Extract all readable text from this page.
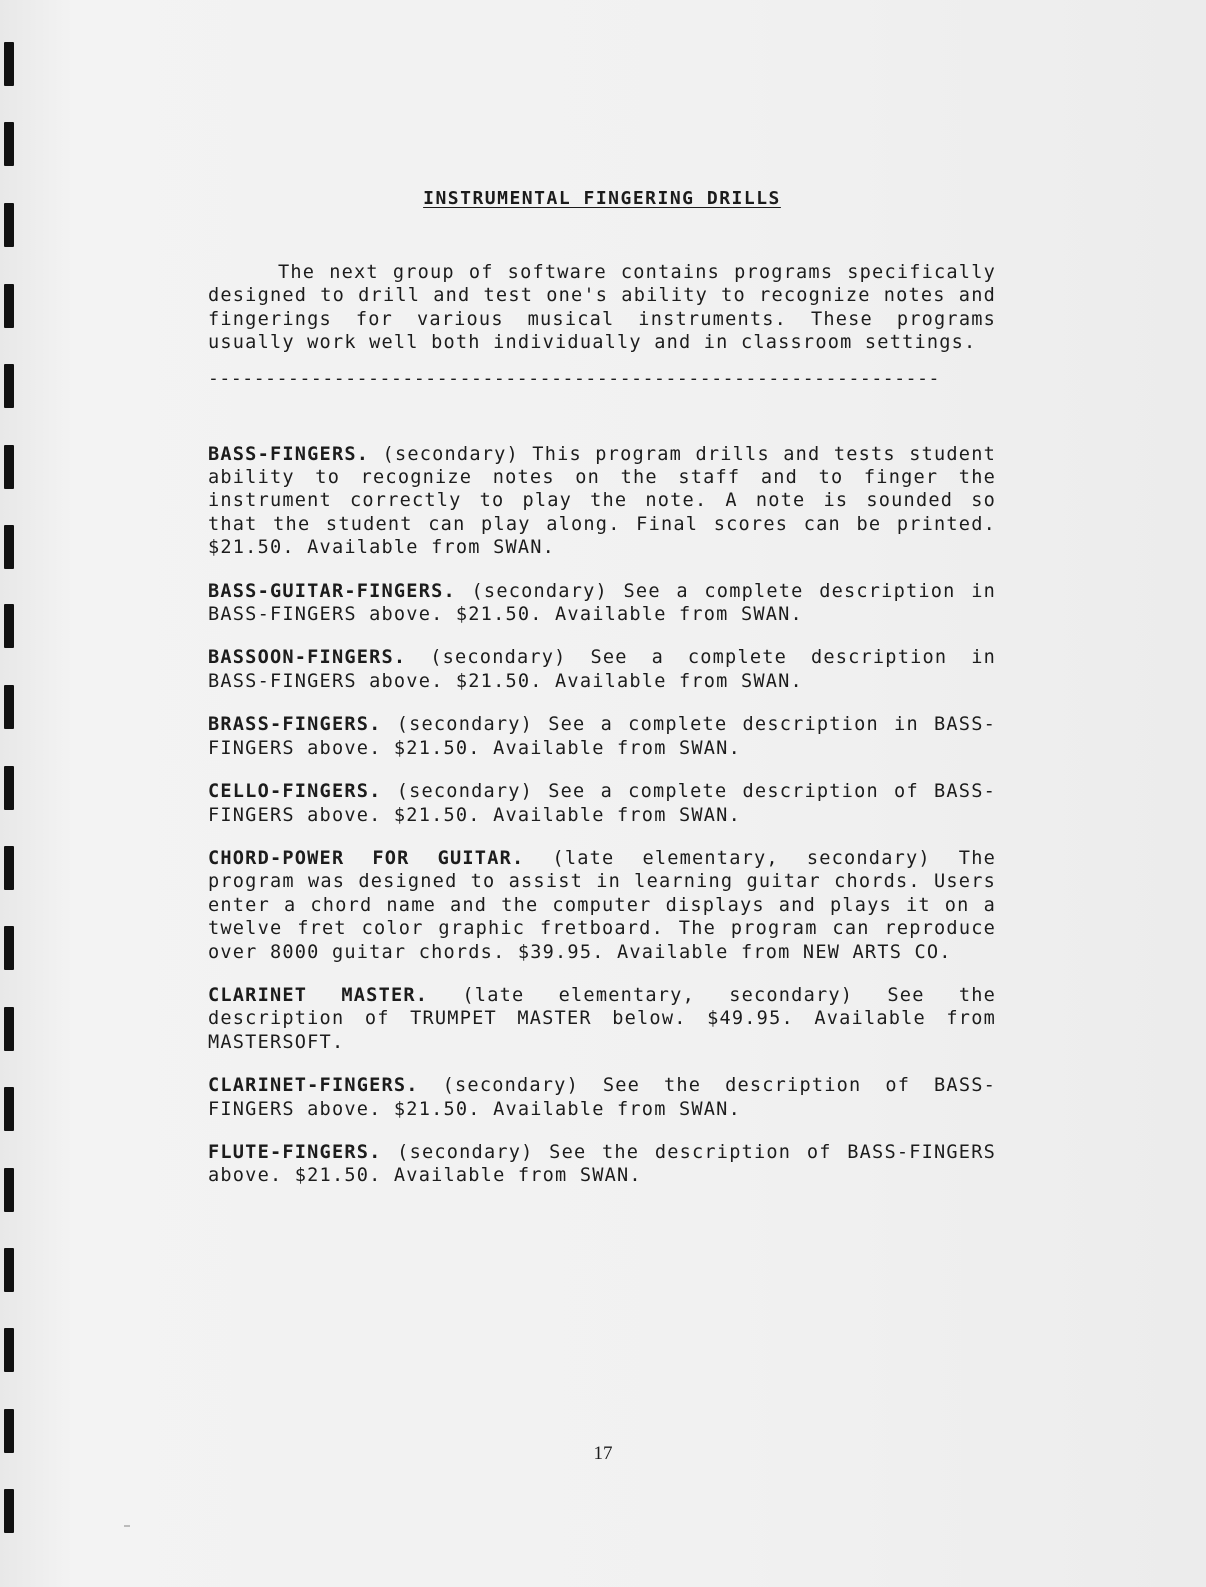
INSTRUMENTAL FINGERING DRILLS

The next group of software contains programs specifically designed to drill and test one's ability to recognize notes and fingerings for various musical instruments. These programs usually work well both individually and in classroom settings.

----------------------------------------------------------------

BASS-FINGERS. (secondary) This program drills and tests student ability to recognize notes on the staff and to finger the instrument correctly to play the note. A note is sounded so that the student can play along. Final scores can be printed. $21.50. Available from SWAN.

BASS-GUITAR-FINGERS. (secondary) See a complete description in BASS-FINGERS above. $21.50. Available from SWAN.

BASSOON-FINGERS. (secondary) See a complete description in BASS-FINGERS above. $21.50. Available from SWAN.

BRASS-FINGERS. (secondary) See a complete description in BASS-FINGERS above. $21.50. Available from SWAN.

CELLO-FINGERS. (secondary) See a complete description of BASS-FINGERS above. $21.50. Available from SWAN.

CHORD-POWER FOR GUITAR. (late elementary, secondary) The program was designed to assist in learning guitar chords. Users enter a chord name and the computer displays and plays it on a twelve fret color graphic fretboard. The program can reproduce over 8000 guitar chords. $39.95. Available from NEW ARTS CO.

CLARINET MASTER. (late elementary, secondary) See the description of TRUMPET MASTER below. $49.95. Available from MASTERSOFT.

CLARINET-FINGERS. (secondary) See the description of BASS-FINGERS above. $21.50. Available from SWAN.

FLUTE-FINGERS. (secondary) See the description of BASS-FINGERS above. $21.50. Available from SWAN.

17
